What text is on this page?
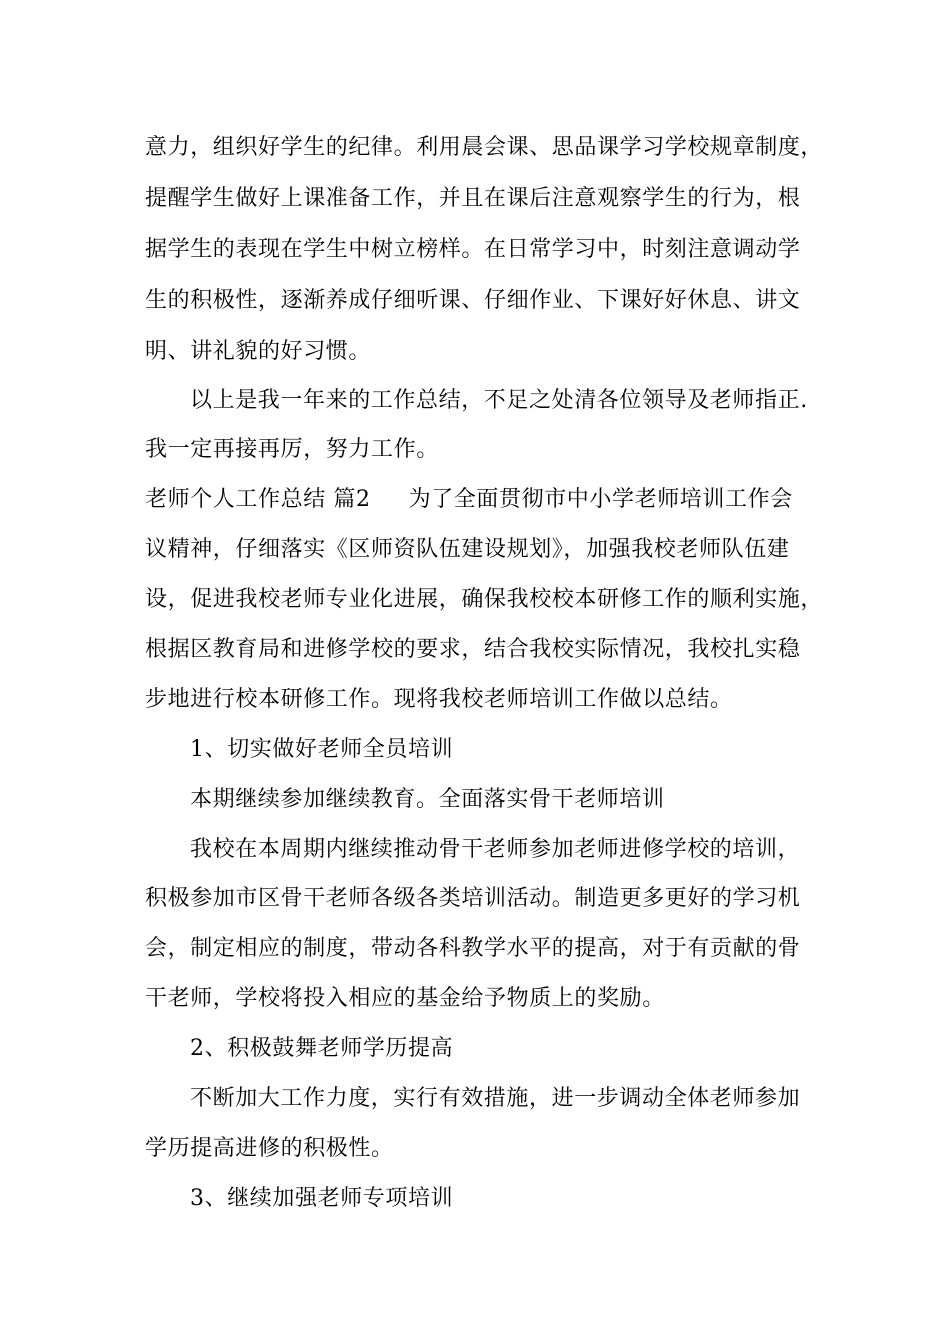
意力，组织好学生的纪律。利用晨会课、思品课学习学校规章制度，
提醒学生做好上课准备工作，并且在课后注意观察学生的行为，根
据学生的表现在学生中树立榜样。在日常学习中，时刻注意调动学
生的积极性，逐渐养成仔细听课、仔细作业、下课好好休息、讲文
明、讲礼貌的好习惯。
以上是我一年来的工作总结，不足之处清各位领导及老师指正.
我一定再接再厉，努力工作。
老师个人工作总结 篇2 为了全面贯彻市中小学老师培训工作会
议精神，仔细落实《区师资队伍建设规划》，加强我校老师队伍建
设，促进我校老师专业化进展，确保我校校本研修工作的顺利实施，
根据区教育局和进修学校的要求，结合我校实际情况，我校扎实稳
步地进行校本研修工作。现将我校老师培训工作做以总结。
1、切实做好老师全员培训
本期继续参加继续教育。全面落实骨干老师培训
我校在本周期内继续推动骨干老师参加老师进修学校的培训，
积极参加市区骨干老师各级各类培训活动。制造更多更好的学习机
会，制定相应的制度，带动各科教学水平的提高，对于有贡献的骨
干老师，学校将投入相应的基金给予物质上的奖励。
2、积极鼓舞老师学历提高
不断加大工作力度，实行有效措施，进一步调动全体老师参加
学历提高进修的积极性。
3、继续加强老师专项培训
